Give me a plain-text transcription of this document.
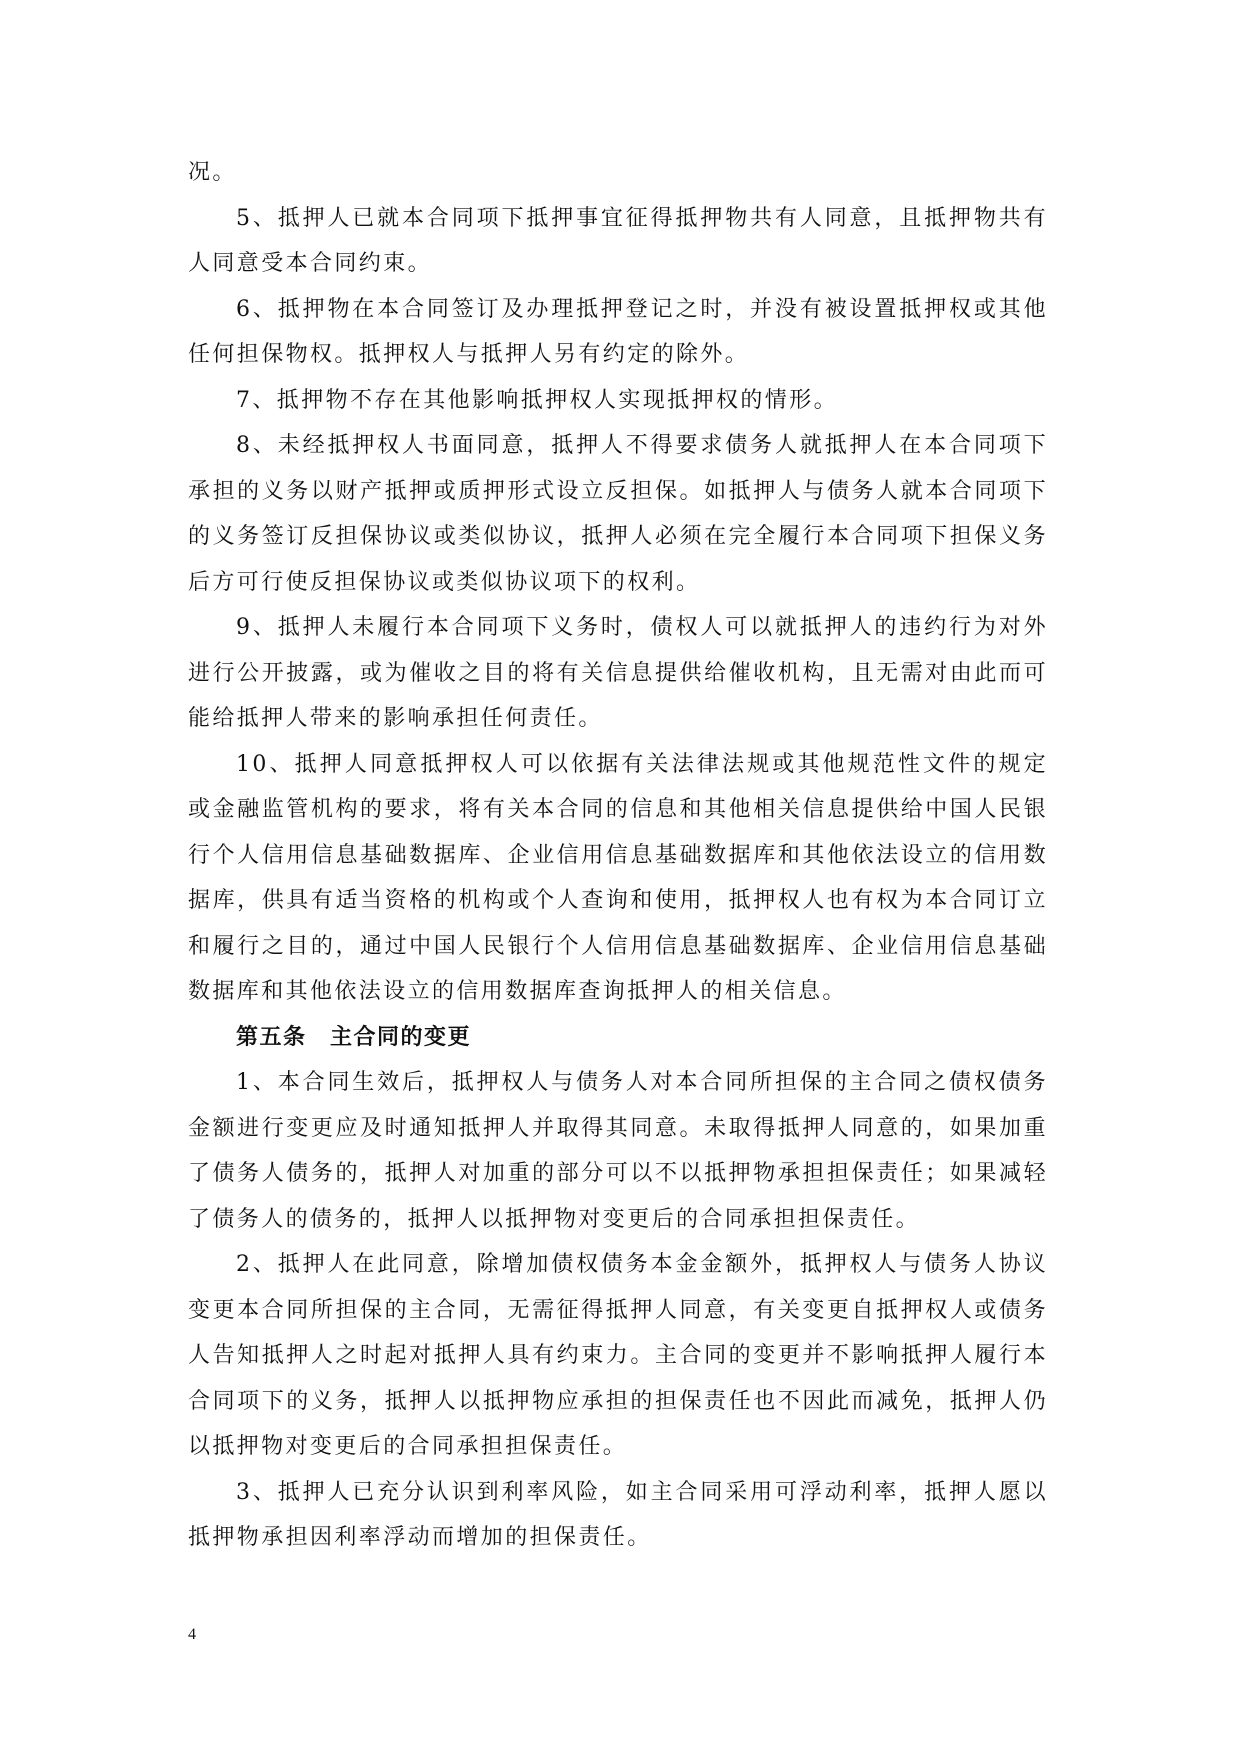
况。

5、抵押人已就本合同项下抵押事宜征得抵押物共有人同意，且抵押物共有人同意受本合同约束。

6、抵押物在本合同签订及办理抵押登记之时，并没有被设置抵押权或其他任何担保物权。抵押权人与抵押人另有约定的除外。

7、抵押物不存在其他影响抵押权人实现抵押权的情形。

8、未经抵押权人书面同意，抵押人不得要求债务人就抵押人在本合同项下承担的义务以财产抵押或质押形式设立反担保。如抵押人与债务人就本合同项下的义务签订反担保协议或类似协议，抵押人必须在完全履行本合同项下担保义务后方可行使反担保协议或类似协议项下的权利。

9、抵押人未履行本合同项下义务时，债权人可以就抵押人的违约行为对外进行公开披露，或为催收之目的将有关信息提供给催收机构，且无需对由此而可能给抵押人带来的影响承担任何责任。

10、抵押人同意抵押权人可以依据有关法律法规或其他规范性文件的规定或金融监管机构的要求，将有关本合同的信息和其他相关信息提供给中国人民银行个人信用信息基础数据库、企业信用信息基础数据库和其他依法设立的信用数据库，供具有适当资格的机构或个人查询和使用，抵押权人也有权为本合同订立和履行之目的，通过中国人民银行个人信用信息基础数据库、企业信用信息基础数据库和其他依法设立的信用数据库查询抵押人的相关信息。

第五条　主合同的变更

1、本合同生效后，抵押权人与债务人对本合同所担保的主合同之债权债务金额进行变更应及时通知抵押人并取得其同意。未取得抵押人同意的，如果加重了债务人债务的，抵押人对加重的部分可以不以抵押物承担担保责任；如果减轻了债务人的债务的，抵押人以抵押物对变更后的合同承担担保责任。

2、抵押人在此同意，除增加债权债务本金金额外，抵押权人与债务人协议变更本合同所担保的主合同，无需征得抵押人同意，有关变更自抵押权人或债务人告知抵押人之时起对抵押人具有约束力。主合同的变更并不影响抵押人履行本合同项下的义务，抵押人以抵押物应承担的担保责任也不因此而减免，抵押人仍以抵押物对变更后的合同承担担保责任。

3、抵押人已充分认识到利率风险，如主合同采用可浮动利率，抵押人愿以抵押物承担因利率浮动而增加的担保责任。

4
